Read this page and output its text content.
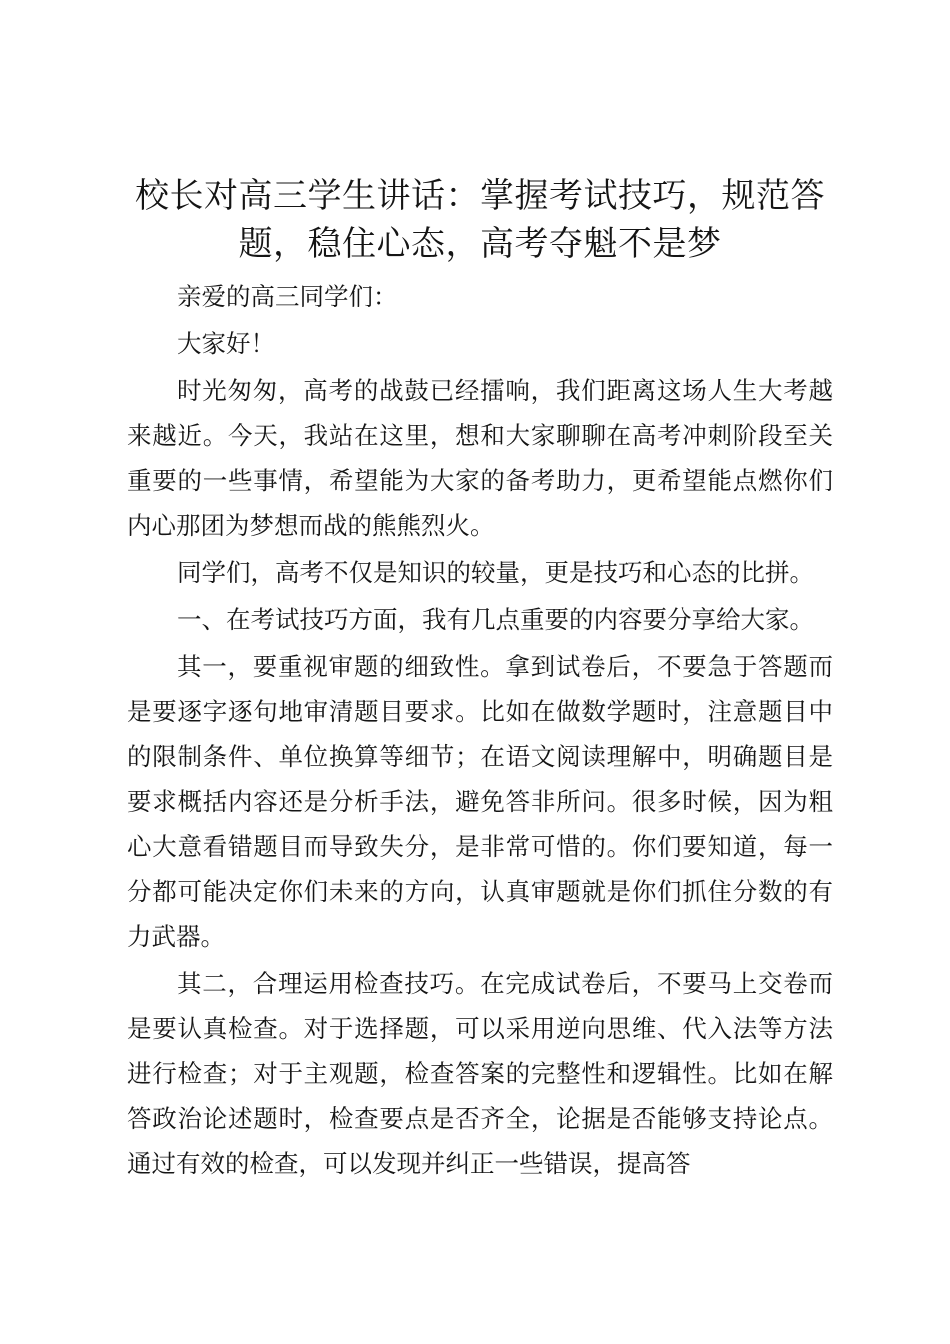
校长对高三学生讲话：掌握考试技巧，规范答题，稳住心态，高考夺魁不是梦

亲爱的高三同学们：

大家好！

时光匆匆，高考的战鼓已经擂响，我们距离这场人生大考越来越近。今天，我站在这里，想和大家聊聊在高考冲刺阶段至关重要的一些事情，希望能为大家的备考助力，更希望能点燃你们内心那团为梦想而战的熊熊烈火。

同学们，高考不仅是知识的较量，更是技巧和心态的比拼。

一、在考试技巧方面，我有几点重要的内容要分享给大家。

其一，要重视审题的细致性。拿到试卷后，不要急于答题而是要逐字逐句地审清题目要求。比如在做数学题时，注意题目中的限制条件、单位换算等细节；在语文阅读理解中，明确题目是要求概括内容还是分析手法，避免答非所问。很多时候，因为粗心大意看错题目而导致失分，是非常可惜的。你们要知道，每一分都可能决定你们未来的方向，认真审题就是你们抓住分数的有力武器。

其二，合理运用检查技巧。在完成试卷后，不要马上交卷而是要认真检查。对于选择题，可以采用逆向思维、代入法等方法进行检查；对于主观题，检查答案的完整性和逻辑性。比如在解答政治论述题时，检查要点是否齐全，论据是否能够支持论点。通过有效的检查，可以发现并纠正一些错误，提高答
